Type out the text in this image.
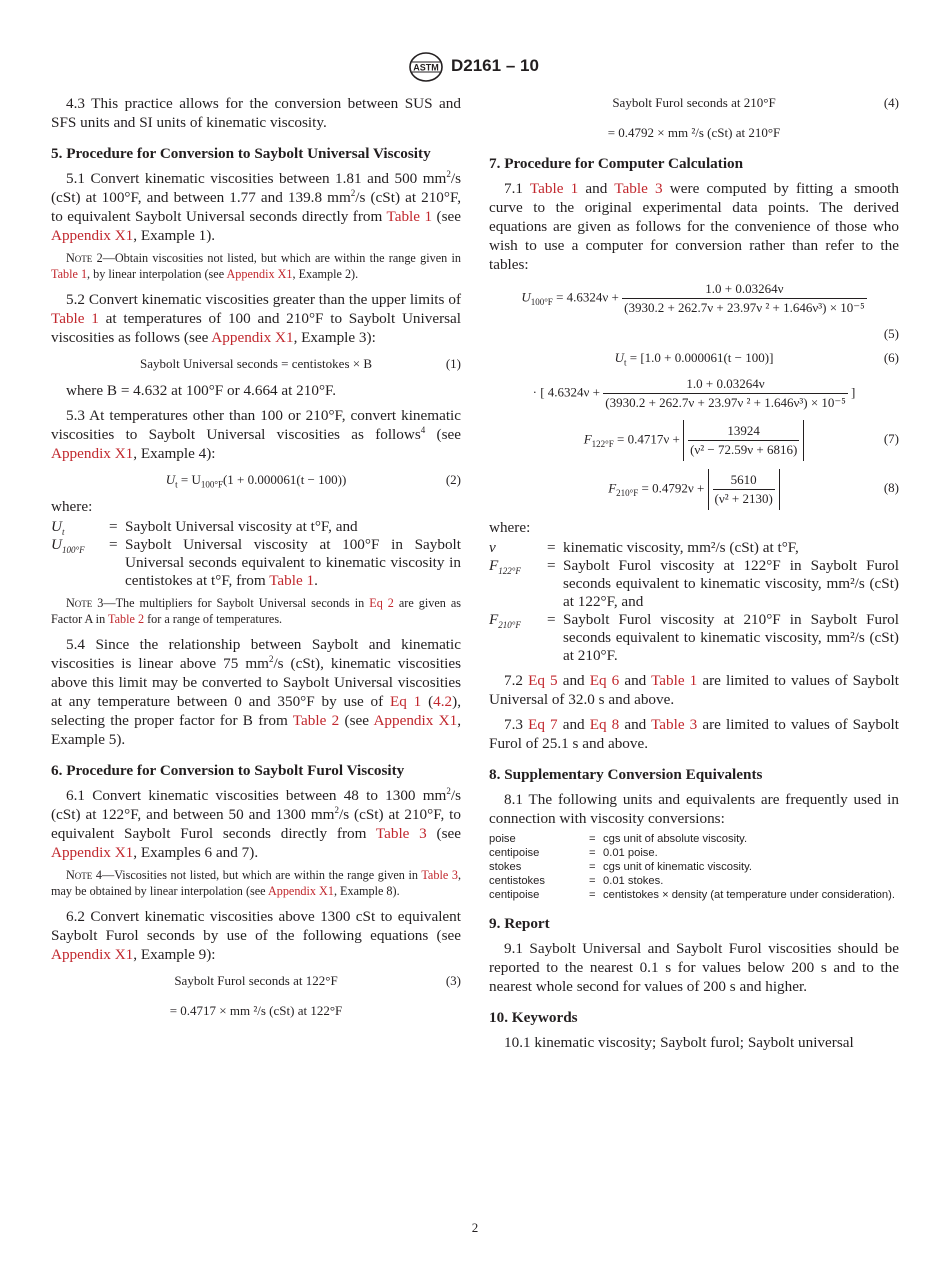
ASTM D2161 – 10

4.3 This practice allows for the conversion between SUS and SFS units and SI units of kinematic viscosity.

5. Procedure for Conversion to Saybolt Universal Viscosity

5.1 Convert kinematic viscosities between 1.81 and 500 $mm^2/s$ (cSt) at 100°F, and between 1.77 and 139.8 $mm^2/s$ (cSt) at 210°F, to equivalent Saybolt Universal seconds directly from Table 1 (see Appendix X1, Example 1).

Note 2—Obtain viscosities not listed, but which are within the range given in Table 1, by linear interpolation (see Appendix X1, Example 2).

5.2 Convert kinematic viscosities greater than the upper limits of Table 1 at temperatures of 100 and 210°F to Saybolt Universal viscosities as follows (see Appendix X1, Example 3):

Saybolt Universal seconds = centistokes × B	(1)

where B = 4.632 at 100°F or 4.664 at 210°F.

5.3 At temperatures other than 100 or 210°F, convert kinematic viscosities to Saybolt Universal viscosities as follows$^4$ (see Appendix X1, Example 4):

$U_t = U_{100^\circ F}(1 + 0.000061(t - 100))$	(2)

where:

$U_t$	= Saybolt Universal viscosity at t°F, and
$U_{100^\circ F}$	= Saybolt Universal viscosity at 100°F in Saybolt Universal seconds equivalent to kinematic viscosity in centistokes at t°F, from Table 1.

Note 3—The multipliers for Saybolt Universal seconds in Eq 2 are given as Factor A in Table 2 for a range of temperatures.

5.4 Since the relationship between Saybolt and kinematic viscosities is linear above 75 $mm^2/s$ (cSt), kinematic viscosities above this limit may be converted to Saybolt Universal viscosities at any temperature between 0 and 350°F by use of Eq 1 (4.2), selecting the proper factor for B from Table 2 (see Appendix X1, Example 5).

6. Procedure for Conversion to Saybolt Furol Viscosity

6.1 Convert kinematic viscosities between 48 to 1300 $mm^2/s$ (cSt) at 122°F, and between 50 and 1300 $mm^2/s$ (cSt) at 210°F, to equivalent Saybolt Furol seconds directly from Table 3 (see Appendix X1, Examples 6 and 7).

Note 4—Viscosities not listed, but which are within the range given in Table 3, may be obtained by linear interpolation (see Appendix X1, Example 8).

6.2 Convert kinematic viscosities above 1300 cSt to equivalent Saybolt Furol seconds by use of the following equations (see Appendix X1, Example 9):

Saybolt Furol seconds at 122°F	(3)
= 0.4717 × mm ²/s (cSt) at 122°F
Saybolt Furol seconds at 210°F	(4)
= 0.4792 × mm ²/s (cSt) at 210°F
7. Procedure for Computer Calculation

7.1 Table 1 and Table 3 were computed by fitting a smooth curve to the original experimental data points. The derived equations are given as follows for the convenience of those who wish to use a computer for conversion rather than refer to the tables:

$U_{100^\circ F} = 4.6324\nu + \frac{1.0 + 0.03264\nu}{\text{(3930.2 + 262.7ν + 23.97ν ² + 1.646ν³) × 10⁻⁵}}$
(5)
$U_t = [1.0 + 0.000061(t - 100)]$	(6)
· [ $4.6324\nu + \frac{1.0 + 0.03264\nu}{\text{(3930.2 + 262.7ν + 23.97ν ² + 1.646ν³) × 10⁻⁵}}$ ]
$F_{122^\circ F} = 0.4717\nu + \frac{13924}{\text{(ν² − 72.59ν + 6816)}}$	(7)
$F_{210^\circ F} = 0.4792\nu + \frac{5610}{\text{(ν² + 2130)}}$	(8)

where:

ν	= kinematic viscosity, mm²/s (cSt) at t°F,
$F_{122^\circ F}$	= Saybolt Furol viscosity at 122°F in Saybolt Furol seconds equivalent to kinematic viscosity, mm²/s (cSt) at 122°F, and
$F_{210^\circ F}$	= Saybolt Furol viscosity at 210°F in Saybolt Furol seconds equivalent to kinematic viscosity, mm²/s (cSt) at 210°F.

7.2 Eq 5 and Eq 6 and Table 1 are limited to values of Saybolt Universal of 32.0 s and above.

7.3 Eq 7 and Eq 8 and Table 3 are limited to values of Saybolt Furol of 25.1 s and above.

8. Supplementary Conversion Equivalents

8.1 The following units and equivalents are frequently used in connection with viscosity conversions:

poise	= cgs unit of absolute viscosity.
centipoise	= 0.01 poise.
stokes	= cgs unit of kinematic viscosity.
centistokes	= 0.01 stokes.
centipoise	= centistokes × density (at temperature under consideration).
9. Report

9.1 Saybolt Universal and Saybolt Furol viscosities should be reported to the nearest 0.1 s for values below 200 s and to the nearest whole second for values of 200 s and higher.

10. Keywords

10.1 kinematic viscosity; Saybolt furol; Saybolt universal

2
